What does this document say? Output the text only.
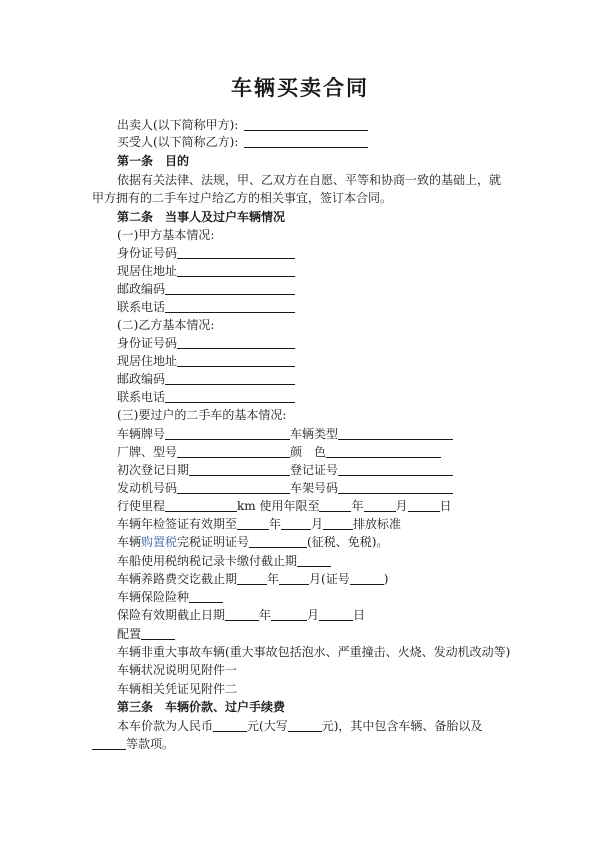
车辆买卖合同
出卖人(以下简称甲方):
买受人(以下简称乙方):
第一条　目的
依据有关法律、法规，甲、乙双方在自愿、平等和协商一致的基础上，就
甲方拥有的二手车过户给乙方的相关事宜，签订本合同。
第二条　当事人及过户车辆情况
(一)甲方基本情况:
身份证号码
现居住地址
邮政编码
联系电话
(二)乙方基本情况:
身份证号码
现居住地址
邮政编码
联系电话
(三)要过户的二手车的基本情况:
车辆牌号	车辆类型
厂牌、型号	颜　色
初次登记日期	登记证号
发动机号码	车架号码
行使里程	km 使用年限至	年	月	日
车辆年检签证有效期至	年	月	排放标准
车辆购置税完税证明证号	(征税、免税)。
车船使用税纳税记录卡缴付截止期
车辆养路费交讫截止期	年	月(证号	)
车辆保险险种
保险有效期截止日期	年	月	日
配置
车辆非重大事故车辆(重大事故包括泡水、严重撞击、火烧、发动机改动等)
车辆状况说明见附件一
车辆相关凭证见附件二
第三条　车辆价款、过户手续费
本车价款为人民币	元(大写	元)，其中包含车辆、备胎以及
等款项。
